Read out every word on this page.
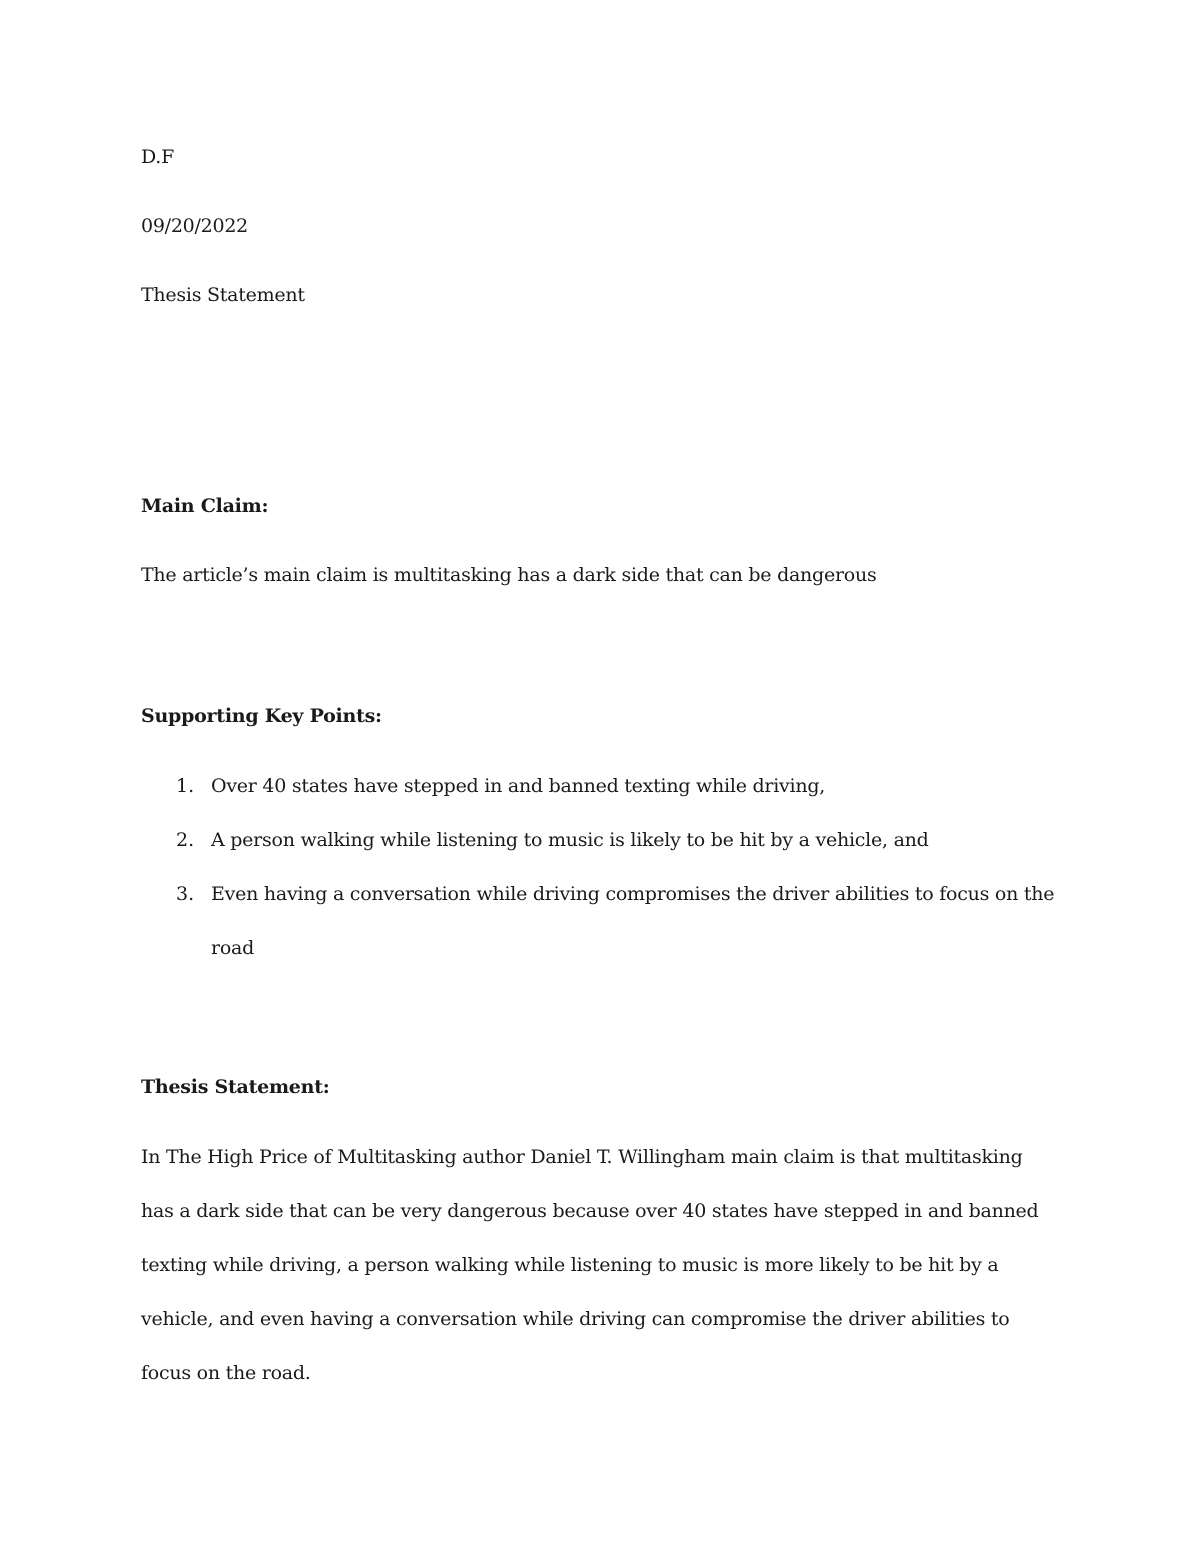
D.F
09/20/2022
Thesis Statement
Main Claim:
The article’s main claim is multitasking has a dark side that can be dangerous
Supporting Key Points:
1. Over 40 states have stepped in and banned texting while driving,
2. A person walking while listening to music is likely to be hit by a vehicle, and
3. Even having a conversation while driving compromises the driver abilities to focus on the
road
Thesis Statement:
In The High Price of Multitasking author Daniel T. Willingham main claim is that multitasking
has a dark side that can be very dangerous because over 40 states have stepped in and banned
texting while driving, a person walking while listening to music is more likely to be hit by a
vehicle, and even having a conversation while driving can compromise the driver abilities to
focus on the road.
